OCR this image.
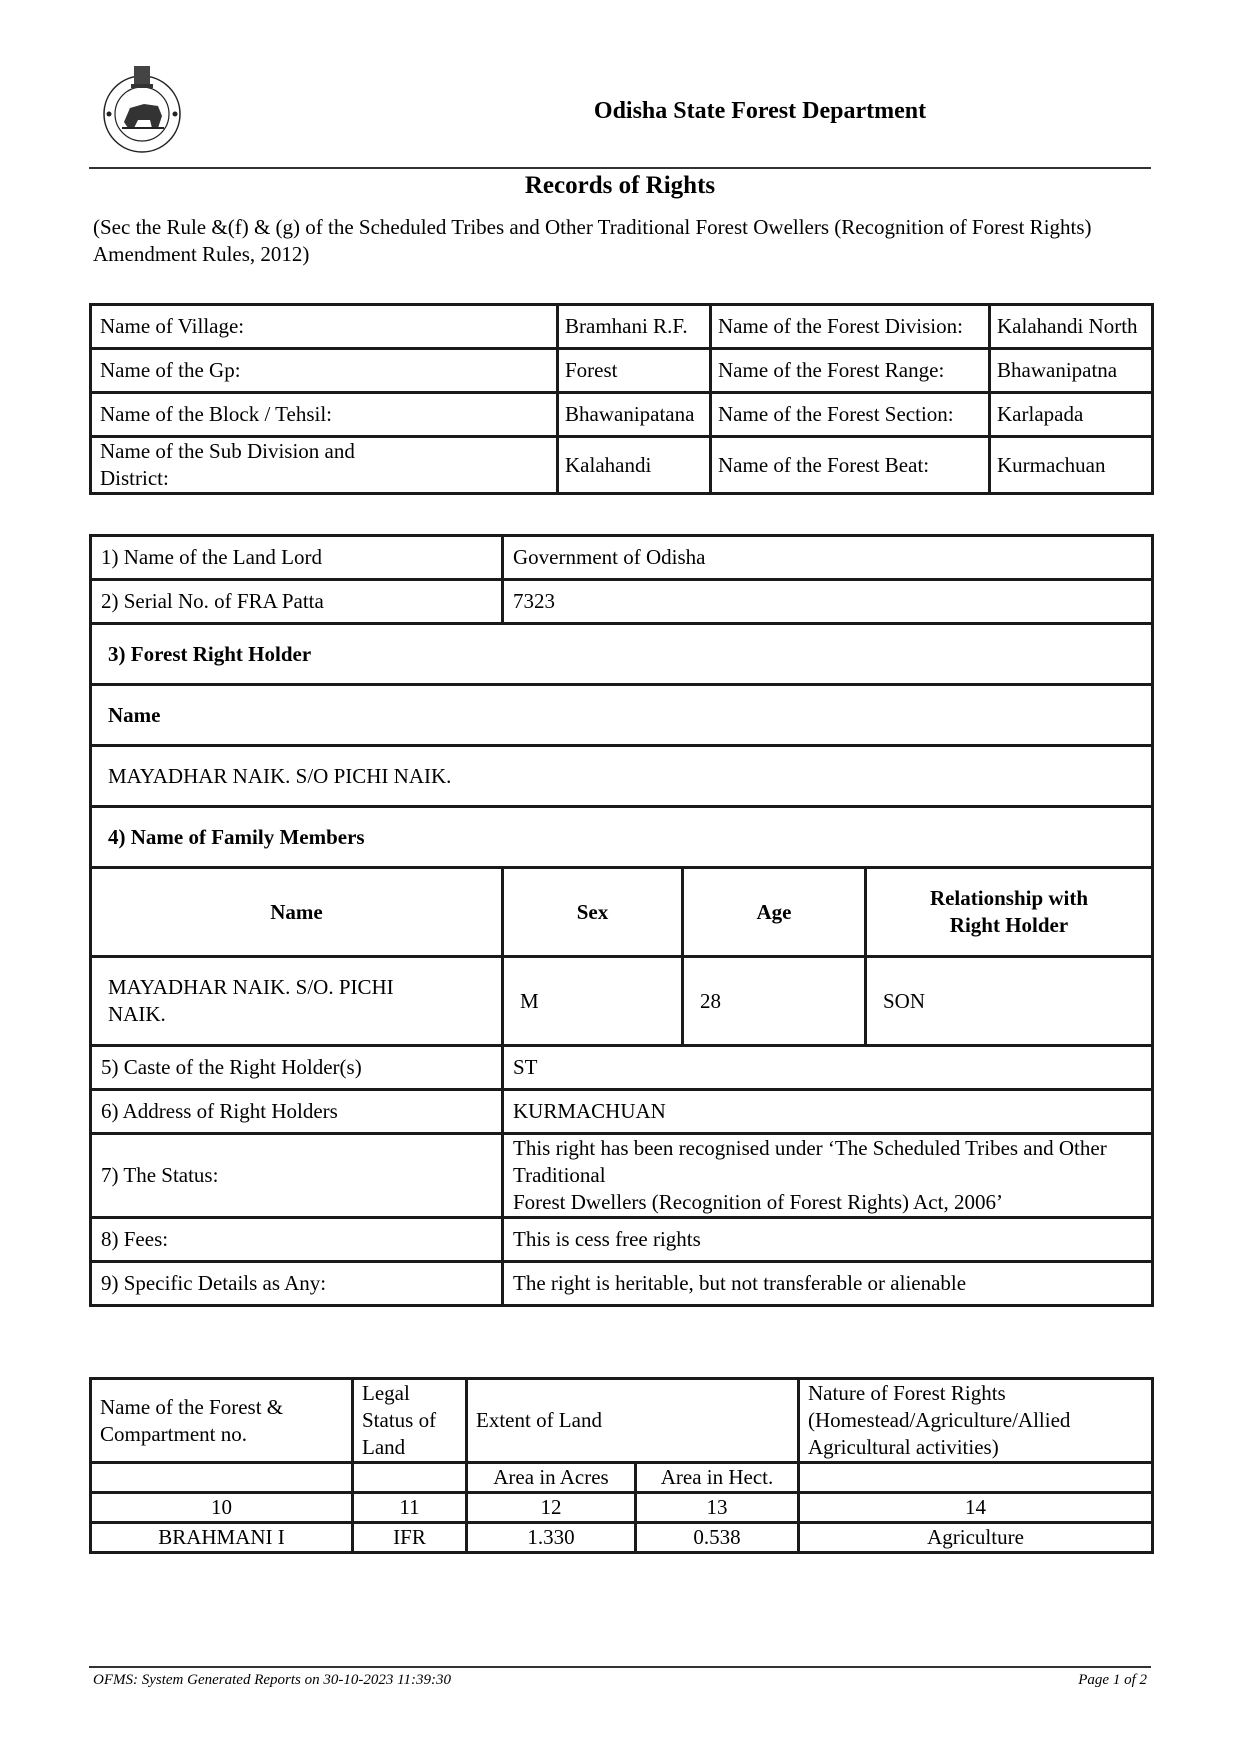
Odisha State Forest Department
Records of Rights
(Sec the Rule &(f) & (g) of the Scheduled Tribes and Other Traditional Forest Owellers (Recognition of Forest Rights) Amendment Rules, 2012)
Name of Village:	Bramhani R.F.	Name of the Forest Division:	Kalahandi North
Name of the Gp:	Forest	Name of the Forest Range:	Bhawanipatna
Name of the Block / Tehsil:	Bhawanipatana	Name of the Forest Section:	Karlapada
Name of the Sub Division and District:	Kalahandi	Name of the Forest Beat:	Kurmachuan
1) Name of the Land Lord	Government of Odisha		
2) Serial No. of FRA Patta	7323		
3) Forest Right Holder			
Name			
MAYADHAR NAIK. S/O PICHI NAIK.			
4) Name of Family Members			
Name	Sex	Age	Relationship with Right Holder
MAYADHAR NAIK. S/O. PICHI NAIK.	M	28	SON
5) Caste of the Right Holder(s)	ST		
6) Address of Right Holders	KURMACHUAN		
7) The Status:	This right has been recognised under ‘The Scheduled Tribes and Other Traditional
Forest Dwellers (Recognition of Forest Rights) Act, 2006’		

8) Fees:	This is cess free rights		
9) Specific Details as Any:	The right is heritable, but not transferable or alienable		
Name of the Forest & Compartment no.	Legal Status of Land	Extent of Land		Nature of Forest Rights (Homestead/Agriculture/Allied Agricultural activities)
		Area in Acres	Area in Hect.	
10	11	12	13	14
BRAHMANI I	IFR	1.330	0.538	Agriculture
OFMS: System Generated Reports on 30-10-2023 11:39:30	Page 1 of 2
